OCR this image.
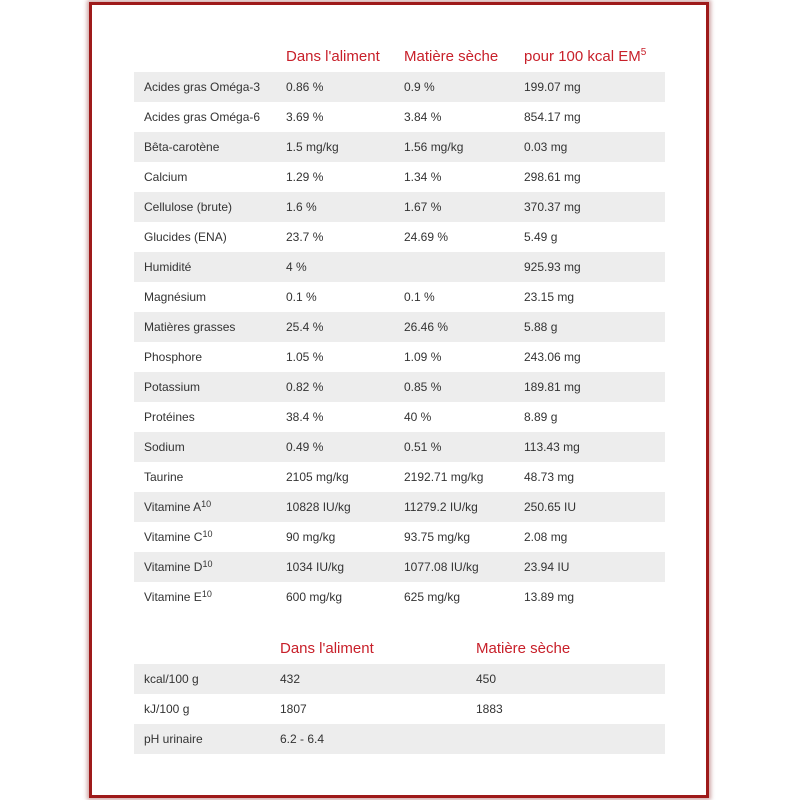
	Dans l'aliment	Matière sèche	pour 100 kcal $EM^5$
Acides gras Oméga-3	0.86 %	0.9 %	199.07 mg
Acides gras Oméga-6	3.69 %	3.84 %	854.17 mg
Bêta-carotène	1.5 mg/kg	1.56 mg/kg	0.03 mg
Calcium	1.29 %	1.34 %	298.61 mg
Cellulose (brute)	1.6 %	1.67 %	370.37 mg
Glucides (ENA)	23.7 %	24.69 %	5.49 g
Humidité	4 %		925.93 mg
Magnésium	0.1 %	0.1 %	23.15 mg
Matières grasses	25.4 %	26.46 %	5.88 g
Phosphore	1.05 %	1.09 %	243.06 mg
Potassium	0.82 %	0.85 %	189.81 mg
Protéines	38.4 %	40 %	8.89 g
Sodium	0.49 %	0.51 %	113.43 mg
Taurine	2105 mg/kg	2192.71 mg/kg	48.73 mg
Vitamine $A^{10}$	10828 IU/kg	11279.2 IU/kg	250.65 IU
Vitamine $C^{10}$	90 mg/kg	93.75 mg/kg	2.08 mg
Vitamine $D^{10}$	1034 IU/kg	1077.08 IU/kg	23.94 IU
Vitamine $E^{10}$	600 mg/kg	625 mg/kg	13.89 mg
	Dans l'aliment	Matière sèche
kcal/100 g	432	450
kJ/100 g	1807	1883
pH urinaire	6.2 - 6.4	
